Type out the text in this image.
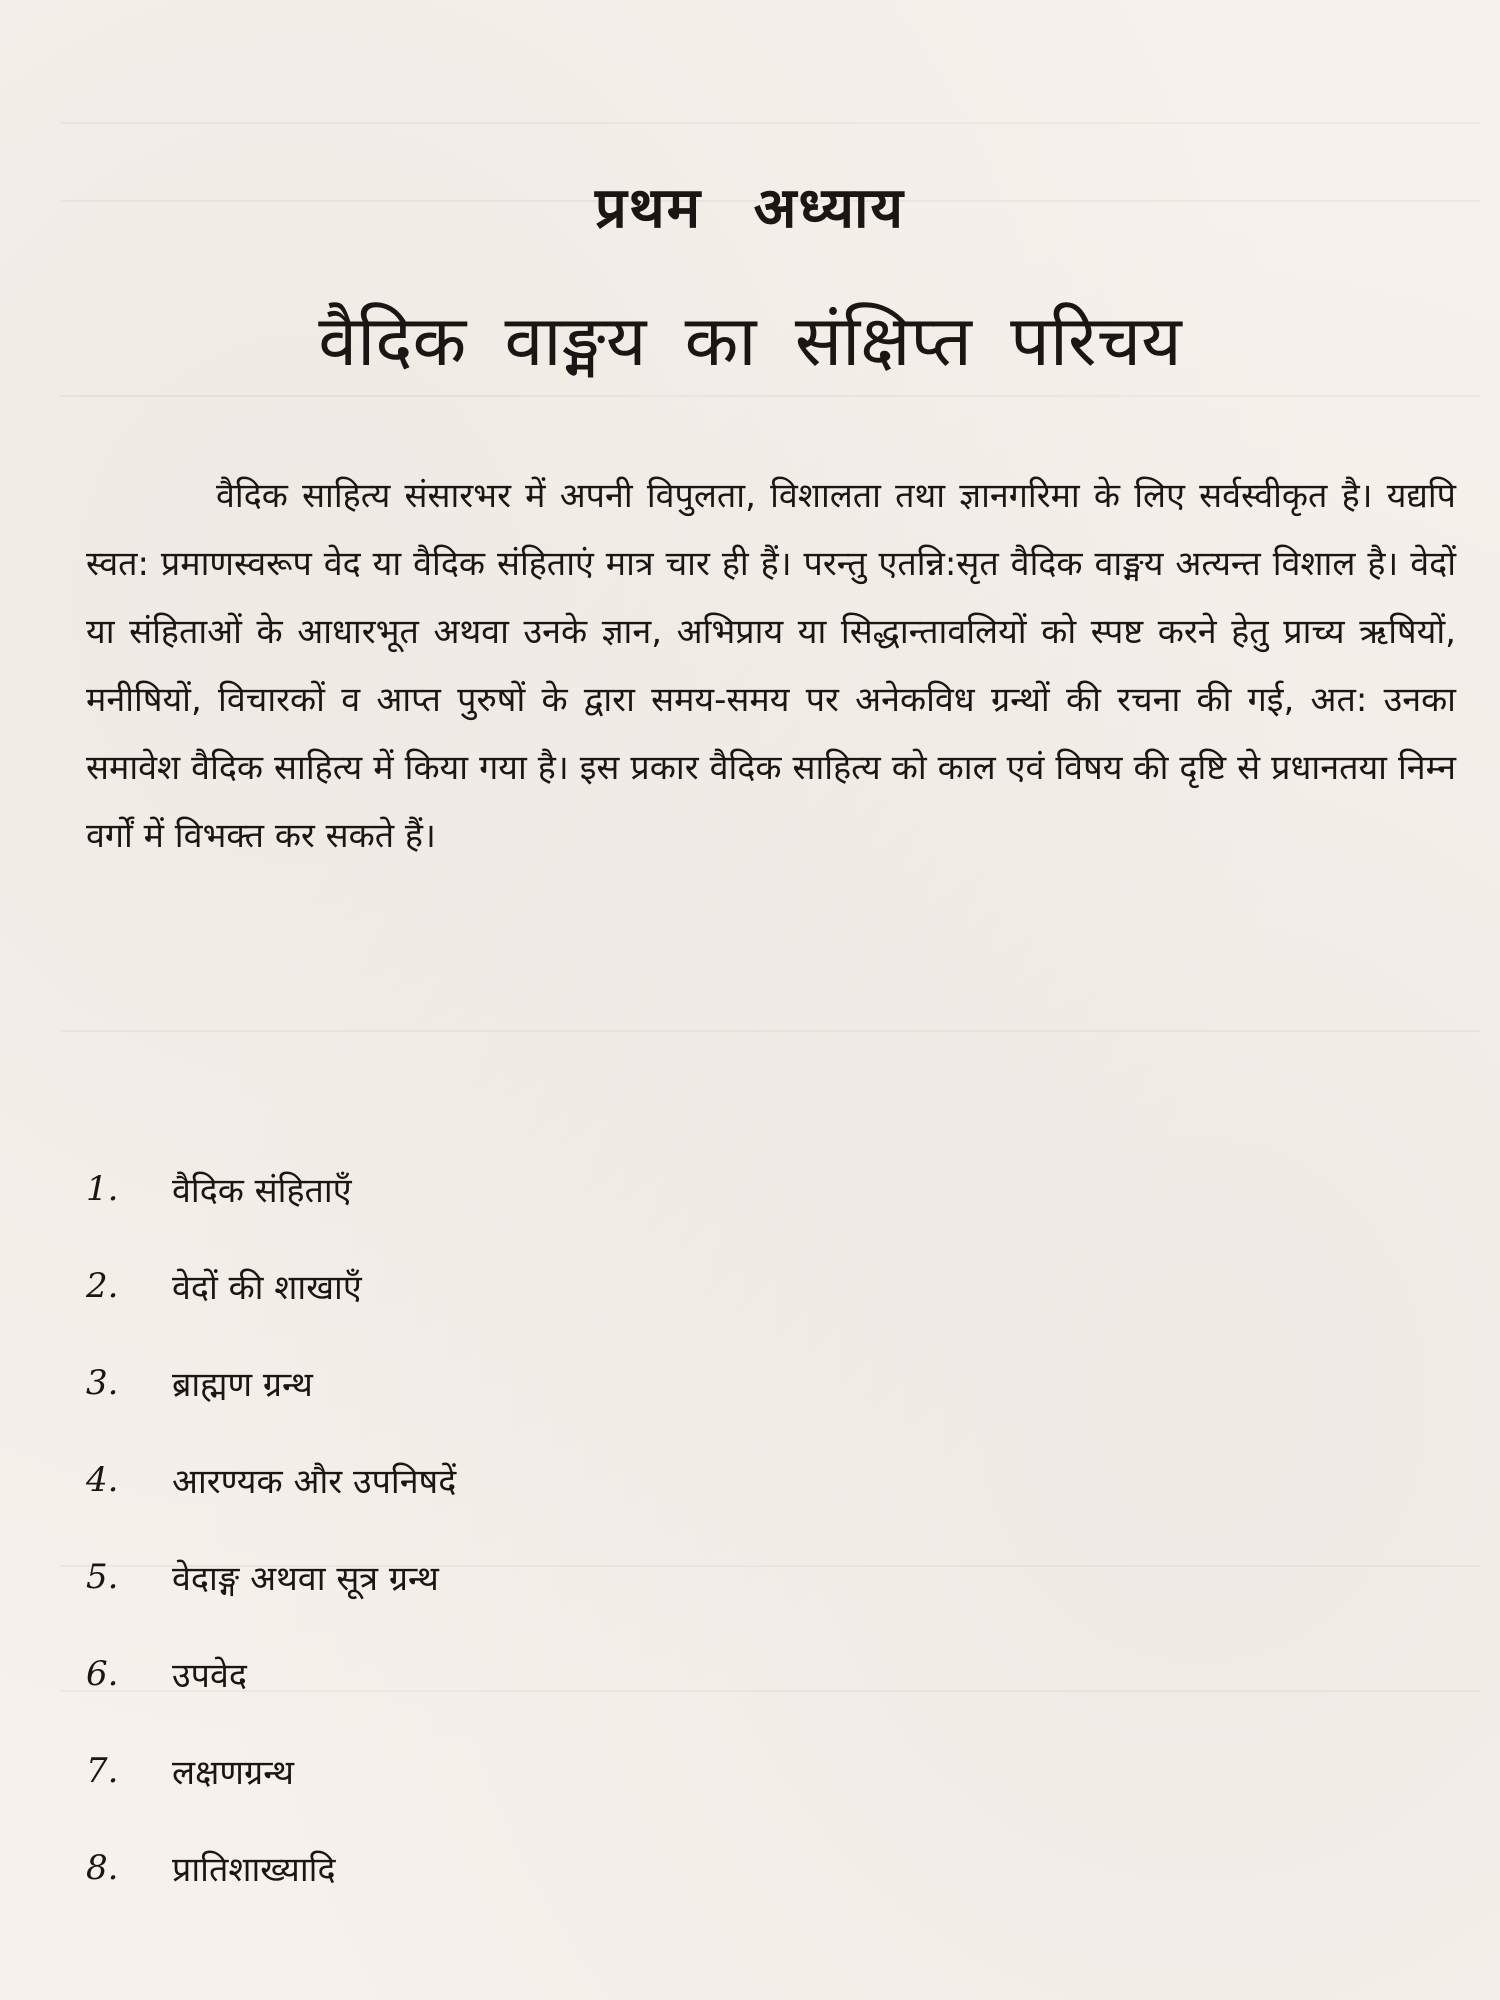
प्रथम अध्याय
वैदिक वाङ्मय का संक्षिप्त परिचय

वैदिक साहित्य संसारभर में अपनी विपुलता, विशालता तथा ज्ञानगरिमा के लिए सर्वस्वीकृत है। यद्यपि स्वत: प्रमाणस्वरूप वेद या वैदिक संहिताएं मात्र चार ही हैं। परन्तु एतन्नि:सृत वैदिक वाङ्मय अत्यन्त विशाल है। वेदों या संहिताओं के आधारभूत अथवा उनके ज्ञान, अभिप्राय या सिद्धान्तावलियों को स्पष्ट करने हेतु प्राच्य ऋषियों, मनीषियों, विचारकों व आप्त पुरुषों के द्वारा समय-समय पर अनेकविध ग्रन्थों की रचना की गई, अत: उनका समावेश वैदिक साहित्य में किया गया है। इस प्रकार वैदिक साहित्य को काल एवं विषय की दृष्टि से प्रधानतया निम्न वर्गों में विभक्त कर सकते हैं।

1.	वैदिक संहिताएँ
2.	वेदों की शाखाएँ
3.	ब्राह्मण ग्रन्थ
4.	आरण्यक और उपनिषदें
5.	वेदाङ्ग अथवा सूत्र ग्रन्थ
6.	उपवेद
7.	लक्षणग्रन्थ
8.	प्रातिशाख्यादि
